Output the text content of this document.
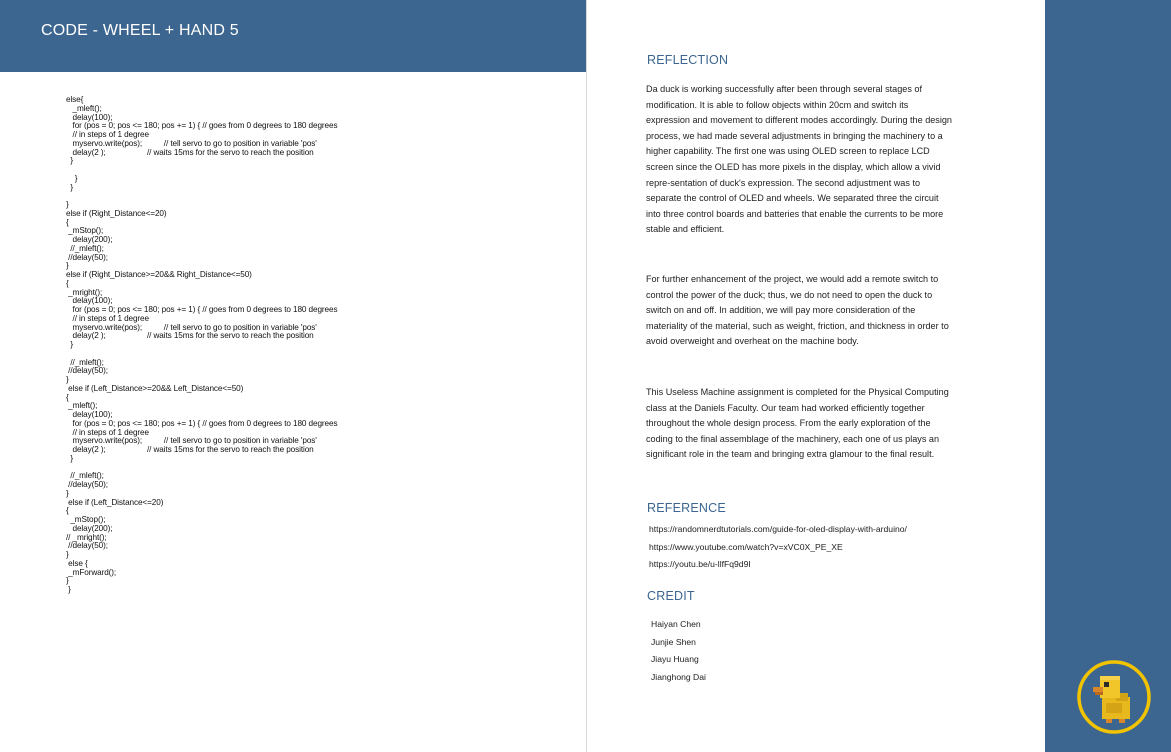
CODE - WHEEL + HAND 5
else{
_mleft();
delay(100);
for (pos = 0; pos <= 180; pos += 1) { // goes from 0 degrees to 180 degrees
// in steps of 1 degree
myservo.write(pos);          // tell servo to go to position in variable 'pos'
delay(2 );                   // waits 15ms for the servo to reach the position
}

}
}

}
else if (Right_Distance<=20)
{
_mStop();
delay(200);
//_mleft();
//delay(50);
}
else if (Right_Distance>=20&& Right_Distance<=50)
{
_mright();
delay(100);
for (pos = 0; pos <= 180; pos += 1) { // goes from 0 degrees to 180 degrees
// in steps of 1 degree
myservo.write(pos);          // tell servo to go to position in variable 'pos'
delay(2 );                   // waits 15ms for the servo to reach the position
}

//_mleft();
//delay(50);
}
else if (Left_Distance>=20&& Left_Distance<=50)
{
_mleft();
delay(100);
for (pos = 0; pos <= 180; pos += 1) { // goes from 0 degrees to 180 degrees
// in steps of 1 degree
myservo.write(pos);          // tell servo to go to position in variable 'pos'
delay(2 );                   // waits 15ms for the servo to reach the position
}

//_mleft();
//delay(50);
}
else if (Left_Distance<=20)
{
_mStop();
delay(200);
// _mright();
//delay(50);
}
else {
_mForward();
}
}
REFLECTION

Da duck is working successfully after been through several stages of modification. It is able to follow objects within 20cm and switch its expression and movement to different modes accordingly. During the design process, we had made several adjustments in bringing the machinery to a higher capability. The first one was using OLED screen to replace LCD screen since the OLED has more pixels in the display, which allow a vivid repre-sentation of duck's expression. The second adjustment was to separate the control of OLED and wheels. We separated three the circuit into three control boards and batteries that enable the currents to be more stable and efficient.

For further enhancement of the project, we would add a remote switch to control the power of the duck; thus, we do not need to open the duck to switch on and off. In addition, we will pay more consideration of the materiality of the material, such as weight, friction, and thickness in order to avoid overweight and overheat on the machine body.

This Useless Machine assignment is completed for the Physical Computing class at the Daniels Faculty. Our team had worked efficiently together throughout the whole design process. From the early exploration of the coding to the final assemblage of the machinery, each one of us plays an significant role in the team and bringing extra glamour to the final result.

REFERENCE
https://randomnerdtutorials.com/guide-for-oled-display-with-arduino/
https://www.youtube.com/watch?v=xVC0X_PE_XE
https://youtu.be/u-llfFq9d9I
CREDIT
Haiyan Chen
Junjie Shen
Jiayu Huang
Jianghong Dai
